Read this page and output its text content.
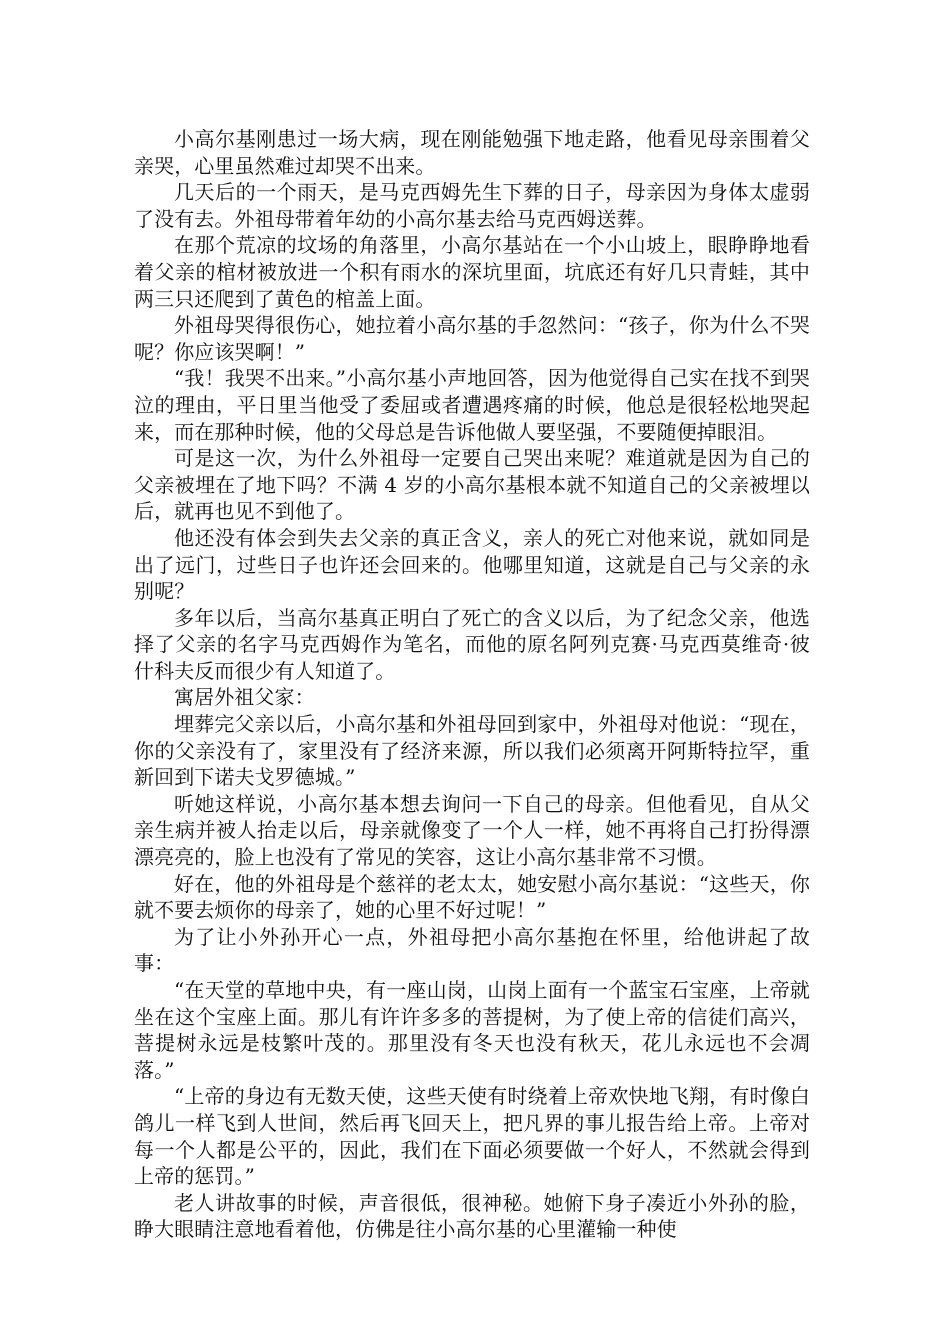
小高尔基刚患过一场大病，现在刚能勉强下地走路，他看见母亲围着父亲哭，心里虽然难过却哭不出来。

几天后的一个雨天，是马克西姆先生下葬的日子，母亲因为身体太虚弱了没有去。外祖母带着年幼的小高尔基去给马克西姆送葬。

在那个荒凉的坟场的角落里，小高尔基站在一个小山坡上，眼睁睁地看着父亲的棺材被放进一个积有雨水的深坑里面，坑底还有好几只青蛙，其中两三只还爬到了黄色的棺盖上面。

外祖母哭得很伤心，她拉着小高尔基的手忽然问：“孩子，你为什么不哭呢？你应该哭啊！”

“我！我哭不出来。”小高尔基小声地回答，因为他觉得自己实在找不到哭泣的理由，平日里当他受了委屈或者遭遇疼痛的时候，他总是很轻松地哭起来，而在那种时候，他的父母总是告诉他做人要坚强，不要随便掉眼泪。

可是这一次，为什么外祖母一定要自己哭出来呢？难道就是因为自己的父亲被埋在了地下吗？不满 4 岁的小高尔基根本就不知道自己的父亲被埋以后，就再也见不到他了。

他还没有体会到失去父亲的真正含义，亲人的死亡对他来说，就如同是出了远门，过些日子也许还会回来的。他哪里知道，这就是自己与父亲的永别呢？

多年以后，当高尔基真正明白了死亡的含义以后，为了纪念父亲，他选择了父亲的名字马克西姆作为笔名，而他的原名阿列克赛·马克西莫维奇·彼什科夫反而很少有人知道了。

寓居外祖父家：

埋葬完父亲以后，小高尔基和外祖母回到家中，外祖母对他说：“现在，你的父亲没有了，家里没有了经济来源，所以我们必须离开阿斯特拉罕，重新回到下诺夫戈罗德城。”

听她这样说，小高尔基本想去询问一下自己的母亲。但他看见，自从父亲生病并被人抬走以后，母亲就像变了一个人一样，她不再将自己打扮得漂漂亮亮的，脸上也没有了常见的笑容，这让小高尔基非常不习惯。

好在，他的外祖母是个慈祥的老太太，她安慰小高尔基说：“这些天，你就不要去烦你的母亲了，她的心里不好过呢！”

为了让小外孙开心一点，外祖母把小高尔基抱在怀里，给他讲起了故事：

“在天堂的草地中央，有一座山岗，山岗上面有一个蓝宝石宝座，上帝就坐在这个宝座上面。那儿有许许多多的菩提树，为了使上帝的信徒们高兴，菩提树永远是枝繁叶茂的。那里没有冬天也没有秋天，花儿永远也不会凋落。”

“上帝的身边有无数天使，这些天使有时绕着上帝欢快地飞翔，有时像白鸽儿一样飞到人世间，然后再飞回天上，把凡界的事儿报告给上帝。上帝对每一个人都是公平的，因此，我们在下面必须要做一个好人，不然就会得到上帝的惩罚。”

老人讲故事的时候，声音很低，很神秘。她俯下身子凑近小外孙的脸，睁大眼睛注意地看着他，仿佛是往小高尔基的心里灌输一种使
